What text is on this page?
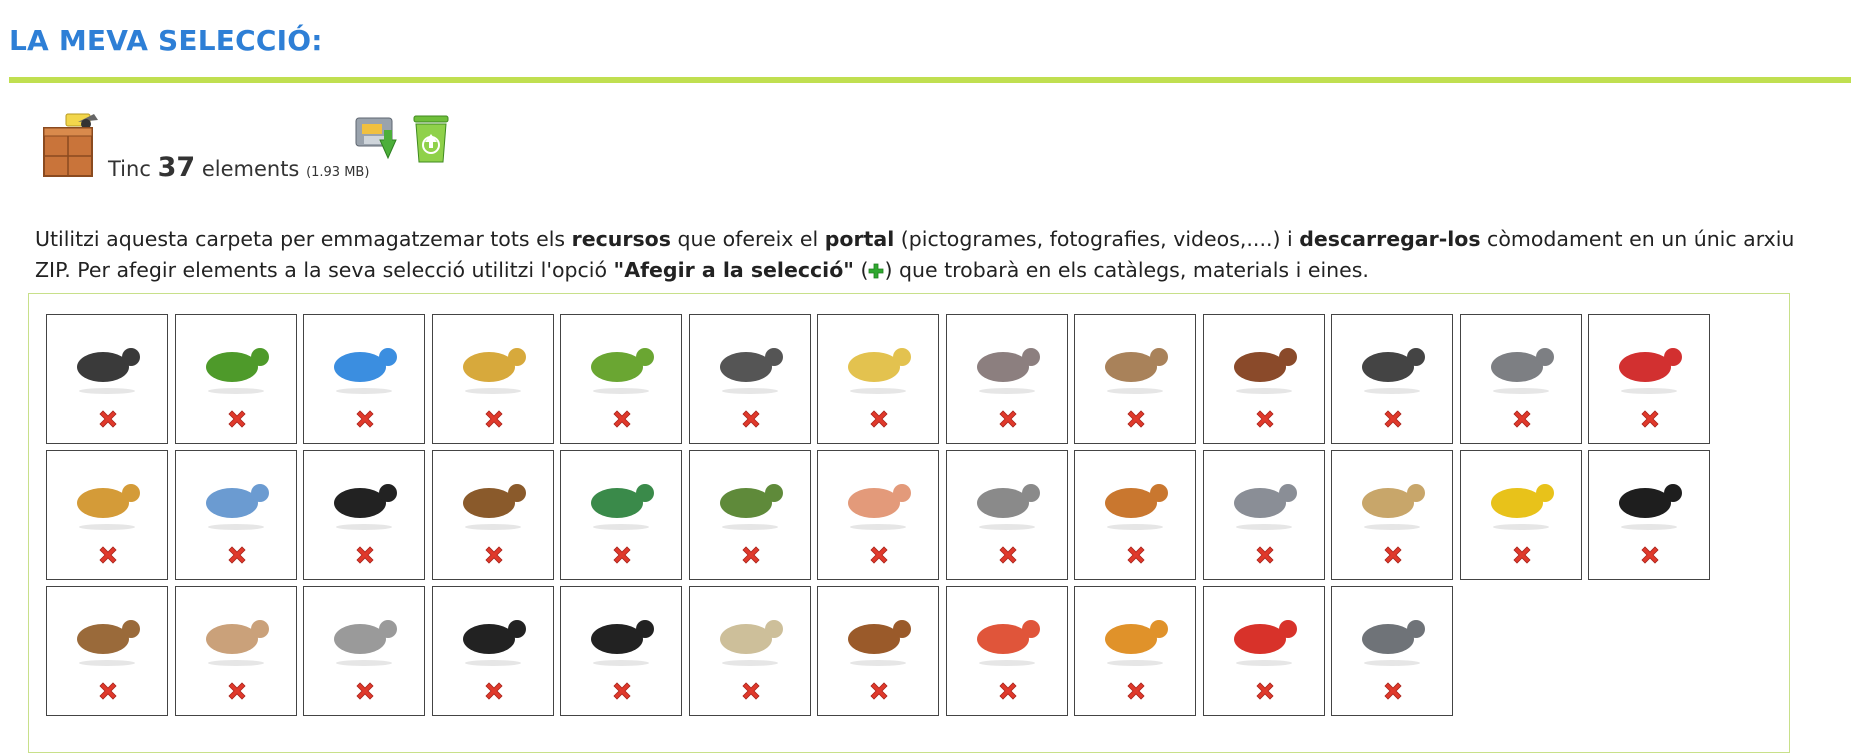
LA MEVA SELECCIÓ:
Tinc 37 elements (1.93 MB)

Utilitzi aquesta carpeta per emmagatzemar tots els recursos que ofereix el portal (pictogrames, fotografies, videos,....) i descarregar-los còmodament en un únic arxiu ZIP. Per afegir elements a la seva selecció utilitzi l'opció "Afegir a la selecció" ( ) que trobarà en els catàlegs, materials i eines.
